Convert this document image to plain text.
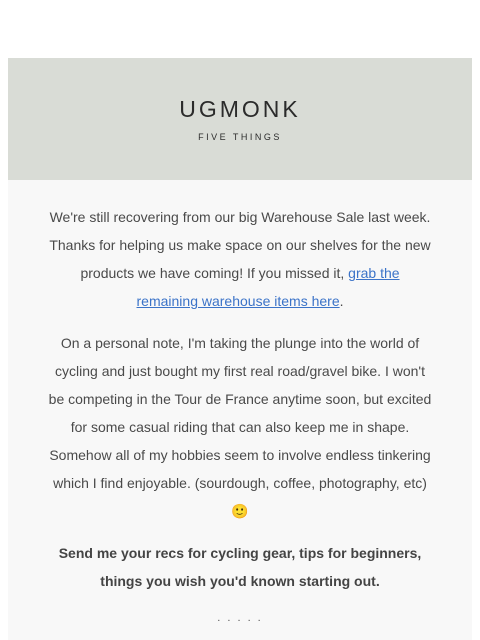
UGMONK
FIVE THINGS

We're still recovering from our big Warehouse Sale last week. Thanks for helping us make space on our shelves for the new products we have coming! If you missed it, grab the remaining warehouse items here.

On a personal note, I'm taking the plunge into the world of cycling and just bought my first real road/gravel bike. I won't be competing in the Tour de France anytime soon, but excited for some casual riding that can also keep me in shape. Somehow all of my hobbies seem to involve endless tinkering which I find enjoyable. (sourdough, coffee, photography, etc) 🙂

Send me your recs for cycling gear, tips for beginners, things you wish you'd known starting out.

. . . . .
